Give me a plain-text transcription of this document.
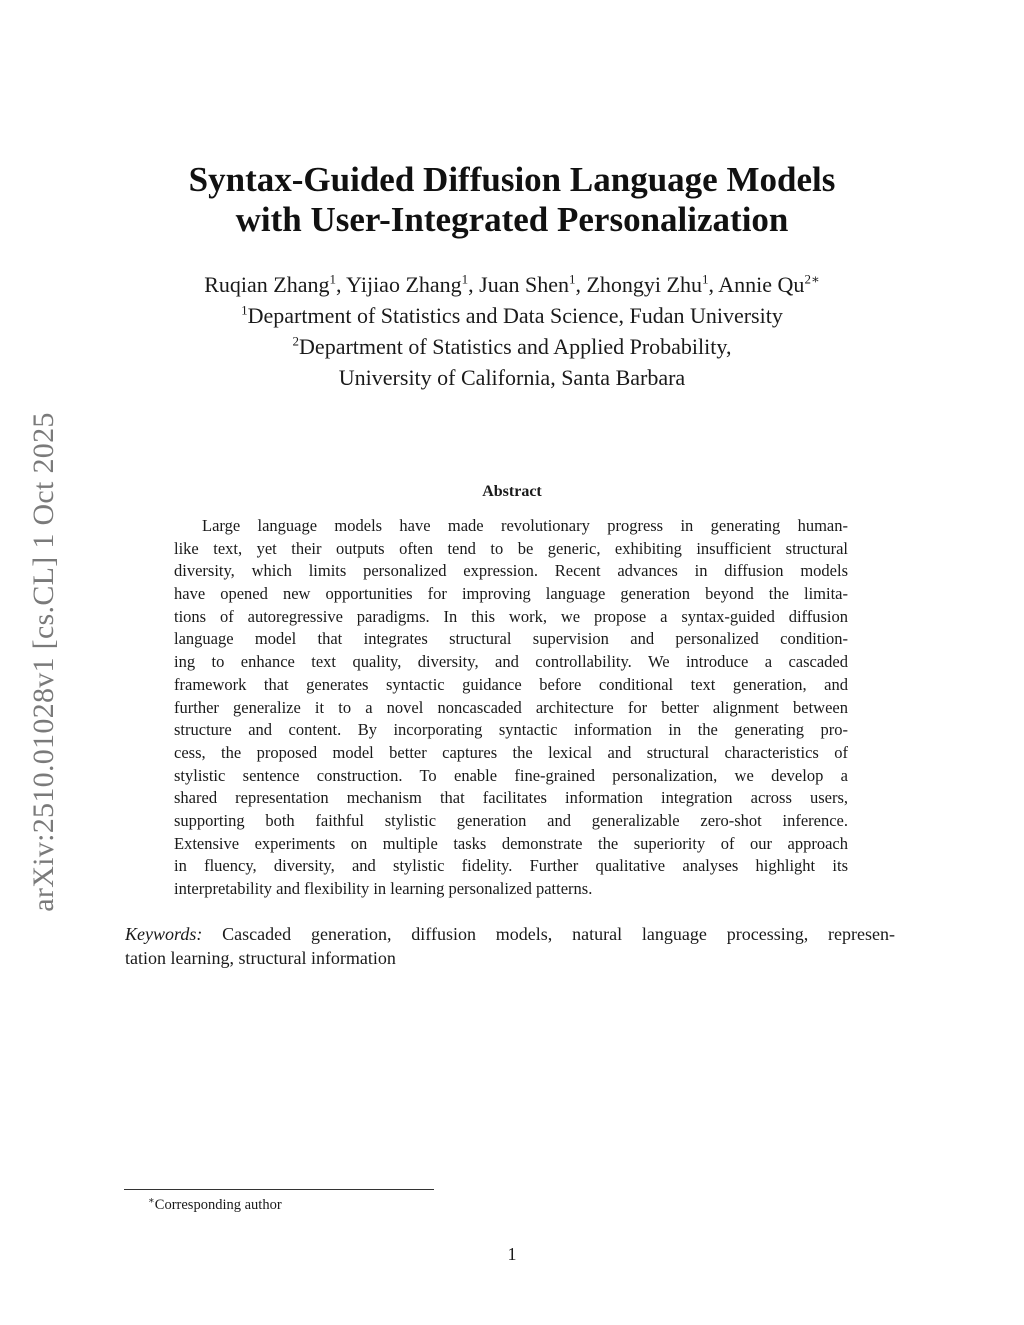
arXiv:2510.01028v1 [cs.CL] 1 Oct 2025
Syntax-Guided Diffusion Language Models
with User-Integrated Personalization
Ruqian Zhang$^1$, Yijiao Zhang$^1$, Juan Shen$^1$, Zhongyi Zhu$^1$, Annie $Qu^{2∗}$
$^1$Department of Statistics and Data Science, Fudan University
$^2$Department of Statistics and Applied Probability,
University of California, Santa Barbara
Abstract
Large language models have made revolutionary progress in generating human-
like text, yet their outputs often tend to be generic, exhibiting insufficient structural
diversity, which limits personalized expression. Recent advances in diffusion models
have opened new opportunities for improving language generation beyond the limita-
tions of autoregressive paradigms. In this work, we propose a syntax-guided diffusion
language model that integrates structural supervision and personalized condition-
ing to enhance text quality, diversity, and controllability. We introduce a cascaded
framework that generates syntactic guidance before conditional text generation, and
further generalize it to a novel noncascaded architecture for better alignment between
structure and content. By incorporating syntactic information in the generating pro-
cess, the proposed model better captures the lexical and structural characteristics of
stylistic sentence construction. To enable fine-grained personalization, we develop a
shared representation mechanism that facilitates information integration across users,
supporting both faithful stylistic generation and generalizable zero-shot inference.
Extensive experiments on multiple tasks demonstrate the superiority of our approach
in fluency, diversity, and stylistic fidelity. Further qualitative analyses highlight its
interpretability and flexibility in learning personalized patterns.
Keywords: Cascaded generation, diffusion models, natural language processing, represen-
tation learning, structural information
∗Corresponding author
1
